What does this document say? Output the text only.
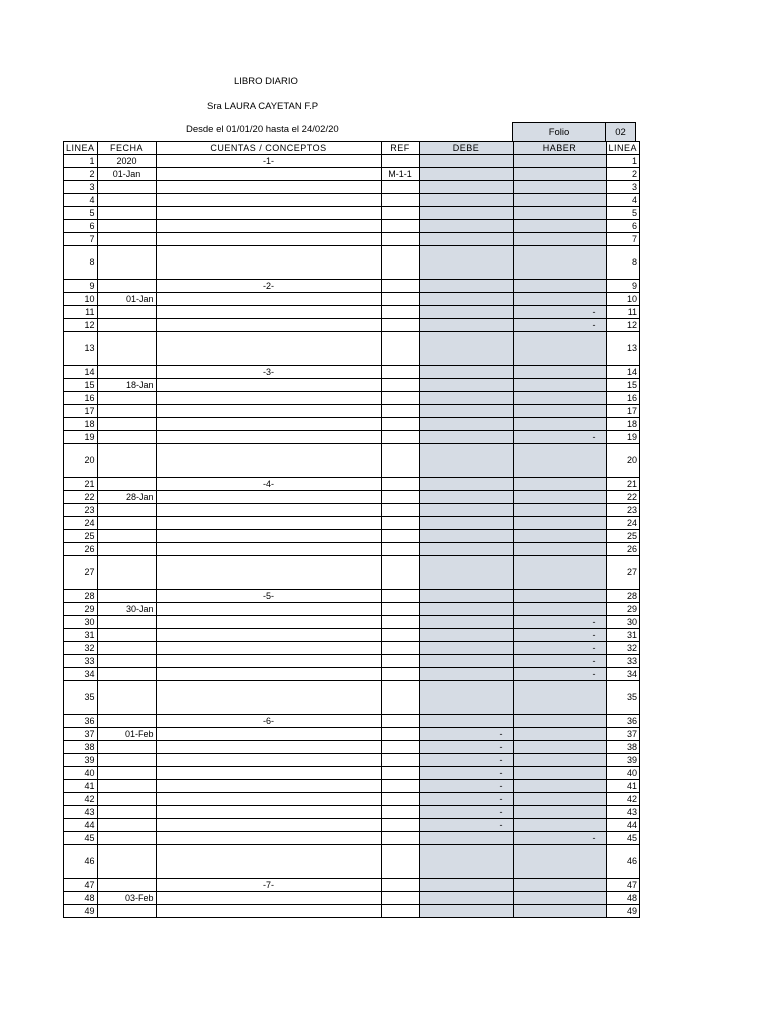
LIBRO DIARIO
Sra LAURA CAYETAN F.P
Desde el 01/01/20 hasta el 24/02/20	Folio	02
LINEA	FECHA	CUENTAS / CONCEPTOS	REF	DEBE	HABER	LINEA
1	2020	-1-				1
2	01-Jan		M-1-1			2
3						3
4						4
5						5
6						6
7						7
8						8
9		-2-				9
10	01-Jan					10
11					-	11
12					-	12
13						13
14		-3-				14
15	18-Jan					15
16						16
17						17
18						18
19					-	19
20						20
21		-4-				21
22	28-Jan					22
23						23
24						24
25						25
26						26
27						27
28		-5-				28
29	30-Jan					29
30					-	30
31					-	31
32					-	32
33					-	33
34					-	34
35						35
36		-6-				36
37	01-Feb			-		37
38				-		38
39				-		39
40				-		40
41				-		41
42				-		42
43				-		43
44				-		44
45					-	45
46						46
47		-7-				47
48	03-Feb					48
49						49
